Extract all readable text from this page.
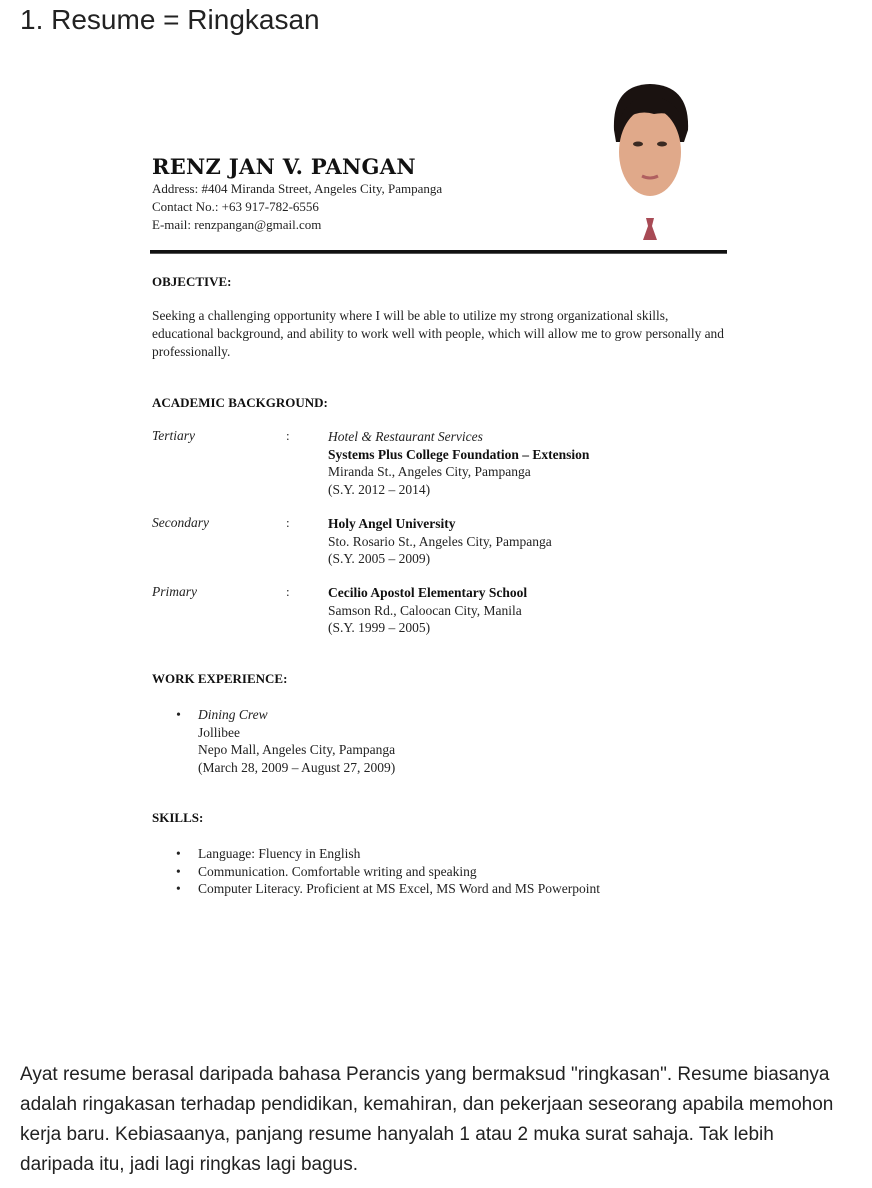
1. Resume = Ringkasan
RENZ JAN V. PANGAN
Address: #404 Miranda Street, Angeles City, Pampanga
Contact No.: +63 917-782-6556
E-mail: renzpangan@gmail.com
OBJECTIVE:
Seeking a challenging opportunity where I will be able to utilize my strong organizational skills, educational background, and ability to work well with people, which will allow me to grow personally and professionally.
ACADEMIC BACKGROUND:
Tertiary	:	Hotel & Restaurant Services
Systems Plus College Foundation – Extension
Miranda St., Angeles City, Pampanga
(S.Y. 2012 – 2014)
Secondary	:	Holy Angel University
Sto. Rosario St., Angeles City, Pampanga
(S.Y. 2005 – 2009)
Primary	:	Cecilio Apostol Elementary School
Samson Rd., Caloocan City, Manila
(S.Y. 1999 – 2005)
WORK EXPERIENCE:
• Dining Crew
Jollibee
Nepo Mall, Angeles City, Pampanga
(March 28, 2009 – August 27, 2009)
SKILLS:
• Language: Fluency in English
• Communication. Comfortable writing and speaking
• Computer Literacy. Proficient at MS Excel, MS Word and MS Powerpoint
Ayat resume berasal daripada bahasa Perancis yang bermaksud "ringkasan". Resume biasanya adalah ringakasan terhadap pendidikan, kemahiran, dan pekerjaan seseorang apabila memohon kerja baru. Kebiasaanya, panjang resume hanyalah 1 atau 2 muka surat sahaja. Tak lebih daripada itu, jadi lagi ringkas lagi bagus.
